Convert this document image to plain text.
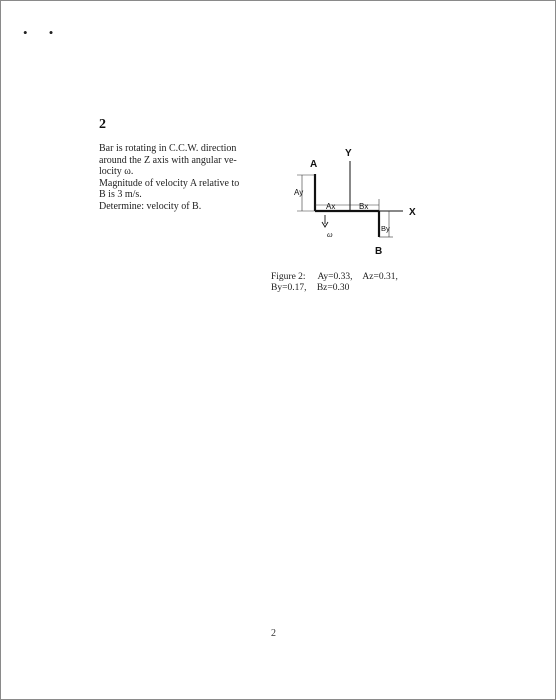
• •
2

Bar is rotating in C.C.W. direction

around the Z axis with angular ve-

locity ω.

Magnitude of velocity A relative to

B is 3 m/s.

Determine: velocity of B.

A
Y
X
B
Ay
Ax	Bx
By
ω
Figure 2: Ay=0.33, Az=0.31,
By=0.17, Bz=0.30
2
